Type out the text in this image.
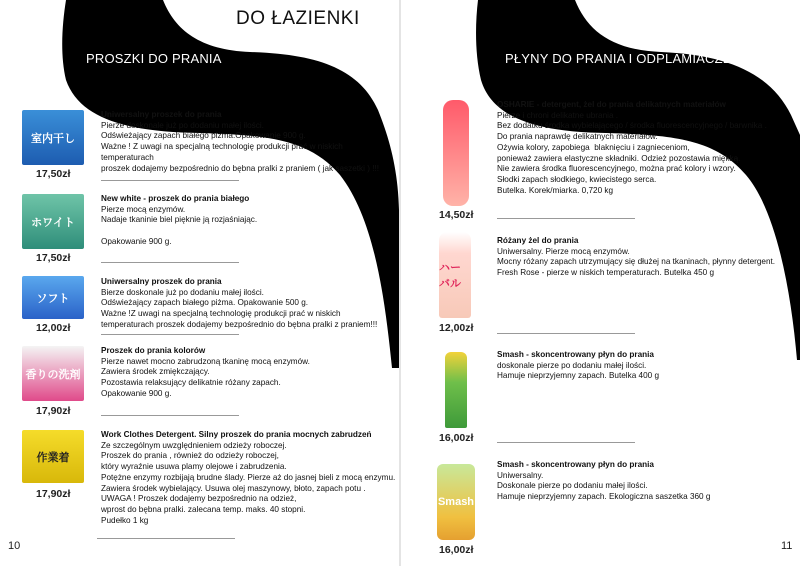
DO ŁAZIENKI
PROSZKI DO PRANIA
室内干し
17,50zł
Uniwersalny proszek do prania
Pierze doskonale już po dodaniu małej ilości.
Odświeżający zapach białego piżma.Opakowanie 900 g.
Ważne ! Z uwagi na specjalną technologię produkcji prać w niskich
temperaturach
proszek dodajemy bezpośrednio do bębna pralki z praniem ( jak saszetki ) !!!
ホワイト
17,50zł
New white - proszek do prania białego
Pierze mocą enzymów.
Nadaje tkaninie biel pięknie ją rozjaśniając.

Opakowanie 900 g.
ソフト
12,00zł
Uniwersalny proszek do prania
Bierze doskonale już po dodaniu małej ilości.
Odświeżający zapach białego piżma. Opakowanie 500 g.
Ważne !Z uwagi na specjalną technologię produkcji prać w niskich
temperaturach proszek dodajemy bezpośrednio do bębna pralki z praniem!!!
香りの洗剤
17,90zł
Proszek do prania kolorów
Pierze nawet mocno zabrudzoną tkaninę mocą enzymów.
Zawiera środek zmiękczający.
Pozostawia relaksujący delikatnie różany zapach.
Opakowanie 900 g.
作業着
17,90zł
Work Clothes Detergent. Silny proszek do prania mocnych zabrudzeń
Ze szczególnym uwzględnieniem odzieży roboczej.
Proszek do prania , również do odzieży roboczej,
który wyraźnie usuwa plamy olejowe i zabrudzenia.
Potężne enzymy rozbijają brudne ślady. Pierze aż do jasnej bieli z mocą enzymu.
Zawiera środek wybielający. Usuwa olej maszynowy, błoto, zapach potu .
UWAGA ! Proszek dodajemy bezpośrednio na odzież,
wprost do bębna pralki. zalecana temp. maks. 40 stopni.
Pudełko 1 kg
10
PŁYNY DO PRANIA I ODPLAMIACZE
14,50zł
OSHARIE - detergent, żel do prania delikatnych materiałów
Pierze i chroni delikatne ubrania .
Bez dodatku środka wybielającego / środka fluorescencyjnego / barwnika .
Do prania naprawdę delikatnych materiałów.
Ożywia kolory, zapobiega  blaknięciu i zagnieceniom,
ponieważ zawiera elastyczne składniki. Odzież pozostawia miękką.
Nie zawiera środka fluorescencyjnego, można prać kolory i wzory.
Słodki zapach słodkiego, kwiecistego serca.
Butelka. Korek/miarka. 0,720 kg
ハーバル
12,00zł
Różany żel do prania
Uniwersalny. Pierze mocą enzymów.
Mocny różany zapach utrzymujący się dłużej na tkaninach, płynny detergent.
Fresh Rose - pierze w niskich temperaturach. Butelka 450 g
16,00zł
Smash - skoncentrowany płyn do prania
doskonale pierze po dodaniu małej ilości.
Hamuje nieprzyjemny zapach. Butelka 400 g
Smash
16,00zł
Smash - skoncentrowany płyn do prania
Uniwersalny.
Doskonale pierze po dodaniu małej ilości.
Hamuje nieprzyjemny zapach. Ekologiczna saszetka 360 g
11
